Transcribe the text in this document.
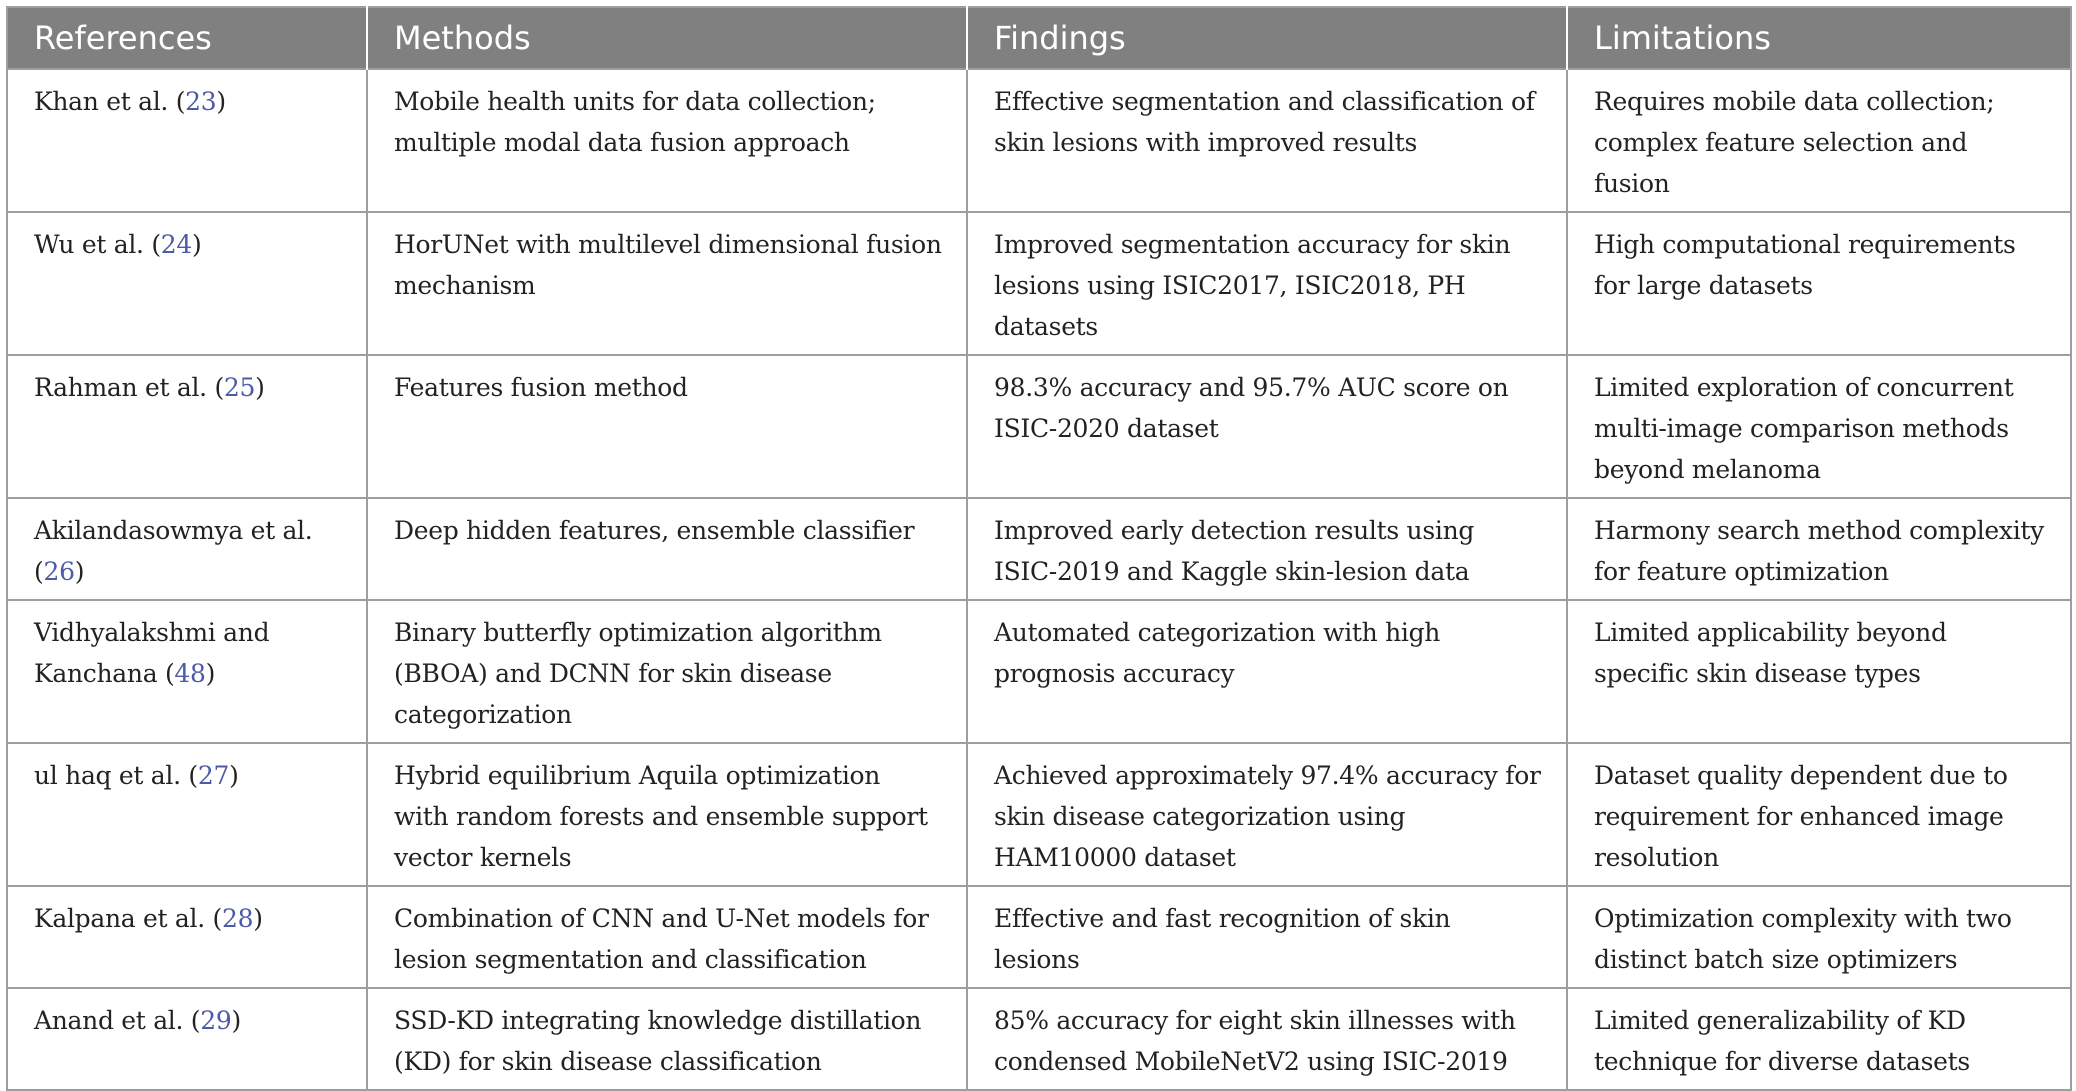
References	Methods	Findings	Limitations
Khan et al. (23)	Mobile health units for data collection; multiple modal data fusion approach	Effective segmentation and classification of skin lesions with improved results	Requires mobile data collection; complex feature selection and fusion
Wu et al. (24)	HorUNet with multilevel dimensional fusion mechanism	Improved segmentation accuracy for skin lesions using ISIC2017, ISIC2018, PH datasets	High computational requirements for large datasets
Rahman et al. (25)	Features fusion method	98.3% accuracy and 95.7% AUC score on ISIC-2020 dataset	Limited exploration of concurrent multi-image comparison methods beyond melanoma
Akilandasowmya et al. (26)	Deep hidden features, ensemble classifier	Improved early detection results using ISIC-2019 and Kaggle skin-lesion data	Harmony search method complexity for feature optimization
Vidhyalakshmi and Kanchana (48)	Binary butterfly optimization algorithm (BBOA) and DCNN for skin disease categorization	Automated categorization with high prognosis accuracy	Limited applicability beyond specific skin disease types
ul haq et al. (27)	Hybrid equilibrium Aquila optimization with random forests and ensemble support vector kernels	Achieved approximately 97.4% accuracy for skin disease categorization using HAM10000 dataset	Dataset quality dependent due to requirement for enhanced image resolution
Kalpana et al. (28)	Combination of CNN and U-Net models for lesion segmentation and classification	Effective and fast recognition of skin lesions	Optimization complexity with two distinct batch size optimizers
Anand et al. (29)	SSD-KD integrating knowledge distillation (KD) for skin disease classification	85% accuracy for eight skin illnesses with condensed MobileNetV2 using ISIC-2019	Limited generalizability of KD technique for diverse datasets
